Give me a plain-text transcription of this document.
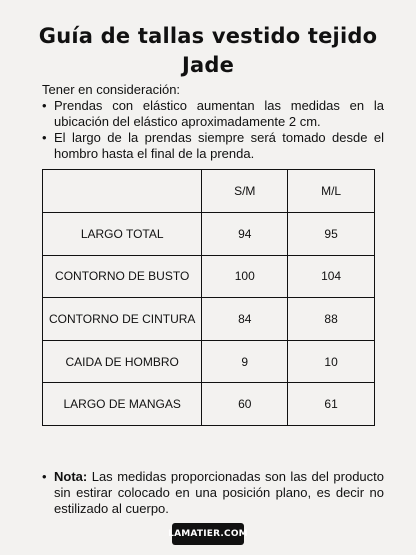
Guía de tallas vestido tejido
Jade
Tener en consideración:
• Prendas con elástico aumentan las medidas en la ubicación del elástico aproximadamente 2 cm.
• El largo de la prendas siempre será tomado desde el hombro hasta el final de la prenda.
	S/M	M/L
LARGO TOTAL	94	95
CONTORNO DE BUSTO	100	104
CONTORNO DE CINTURA	84	88
CAIDA DE HOMBRO	9	10
LARGO DE MANGAS	60	61
• Nota: Las medidas proporcionadas son las del producto sin estirar colocado en una posición plano, es decir no estilizado al cuerpo.
LAMATIER.COM
